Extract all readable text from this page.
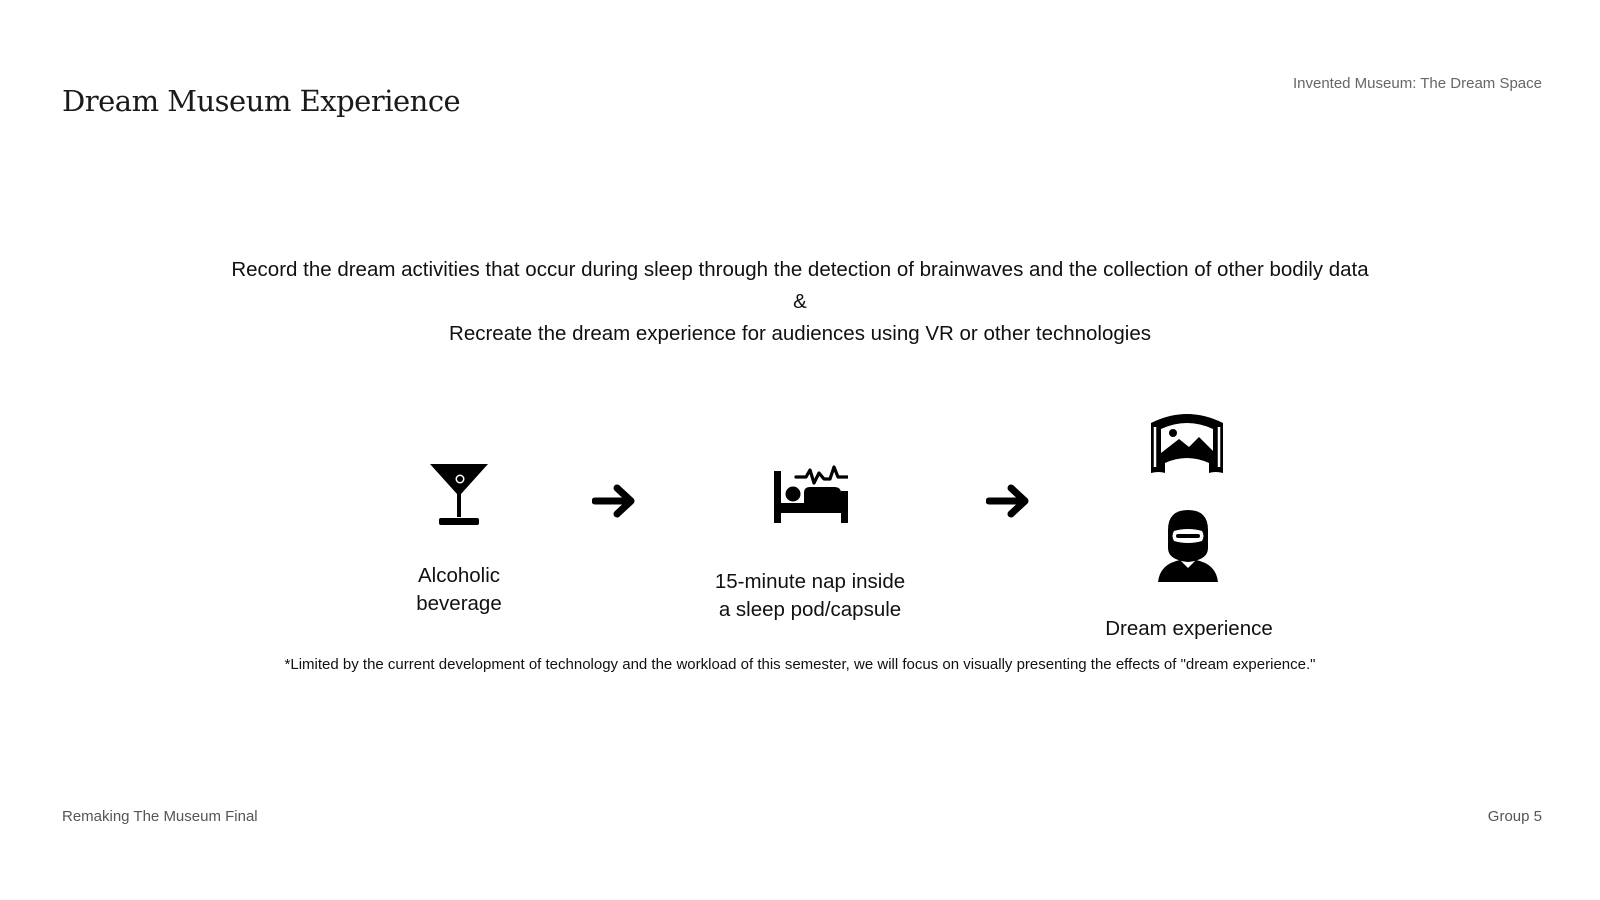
Dream Museum Experience
Invented Museum: The Dream Space
Record the dream activities that occur during sleep through the detection of brainwaves and the collection of other bodily data
&
Recreate the dream experience for audiences using VR or other technologies
Alcoholic
beverage
15-minute nap inside
a sleep pod/capsule
Dream experience
*Limited by the current development of technology and the workload of this semester, we will focus on visually presenting the effects of "dream experience."
Remaking The Museum Final	Group 5
